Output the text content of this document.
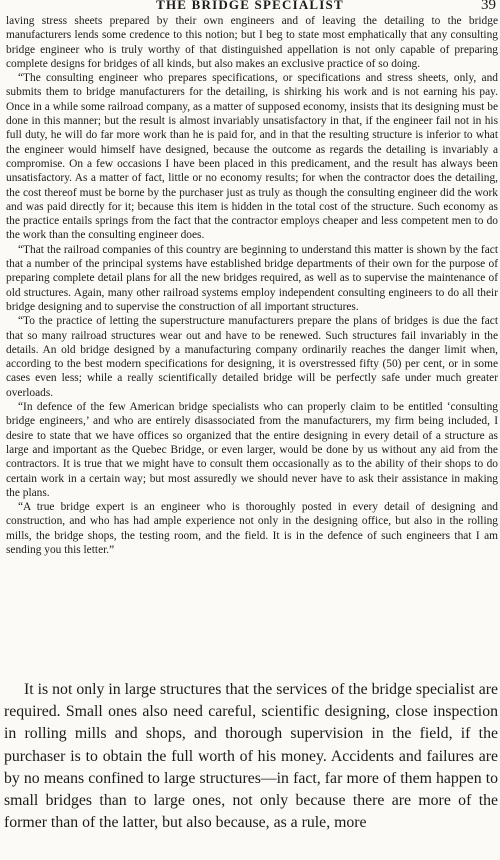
THE BRIDGE SPECIALIST	39

laving stress sheets prepared by their own engineers and of leaving the detailing to the bridge manufacturers lends some credence to this notion; but I beg to state most emphatically that any consulting bridge engineer who is truly worthy of that distinguished appellation is not only capable of preparing complete designs for bridges of all kinds, but also makes an exclusive practice of so doing.

“The consulting engineer who prepares specifications, or specifications and stress sheets, only, and submits them to bridge manufacturers for the detailing, is shirking his work and is not earning his pay. Once in a while some railroad company, as a matter of supposed economy, insists that its designing must be done in this manner; but the result is almost invariably unsatisfactory in that, if the engineer fail not in his full duty, he will do far more work than he is paid for, and in that the resulting structure is inferior to what the engineer would himself have designed, because the outcome as regards the detailing is invariably a compromise. On a few occasions I have been placed in this predicament, and the result has always been unsatisfactory. As a matter of fact, little or no economy results; for when the contractor does the detailing, the cost thereof must be borne by the purchaser just as truly as though the consulting engineer did the work and was paid directly for it; because this item is hidden in the total cost of the structure. Such economy as the practice entails springs from the fact that the contractor employs cheaper and less competent men to do the work than the consulting engineer does.

“That the railroad companies of this country are beginning to understand this matter is shown by the fact that a number of the principal systems have established bridge departments of their own for the purpose of preparing complete detail plans for all the new bridges required, as well as to supervise the maintenance of old structures. Again, many other railroad systems employ independent consulting engineers to do all their bridge designing and to supervise the construction of all important structures.

“To the practice of letting the superstructure manufacturers prepare the plans of bridges is due the fact that so many railroad structures wear out and have to be renewed. Such structures fail invariably in the details. An old bridge designed by a manufacturing company ordinarily reaches the danger limit when, according to the best modern specifications for designing, it is overstressed fifty (50) per cent, or in some cases even less; while a really scientifically detailed bridge will be perfectly safe under much greater overloads.

“In defence of the few American bridge specialists who can properly claim to be entitled ‘consulting bridge engineers,’ and who are entirely disassociated from the manufacturers, my firm being included, I desire to state that we have offices so organized that the entire designing in every detail of a structure as large and important as the Quebec Bridge, or even larger, would be done by us without any aid from the contractors. It is true that we might have to consult them occasionally as to the ability of their shops to do certain work in a certain way; but most assuredly we should never have to ask their assistance in making the plans.

“A true bridge expert is an engineer who is thoroughly posted in every detail of designing and construction, and who has had ample experience not only in the designing office, but also in the rolling mills, the bridge shops, the testing room, and the field. It is in the defence of such engineers that I am sending you this letter.”

It is not only in large structures that the services of the bridge specialist are required. Small ones also need careful, scientific designing, close inspection in rolling mills and shops, and thorough supervision in the field, if the purchaser is to obtain the full worth of his money. Accidents and failures are by no means confined to large structures—in fact, far more of them happen to small bridges than to large ones, not only because there are more of the former than of the latter, but also because, as a rule, more
